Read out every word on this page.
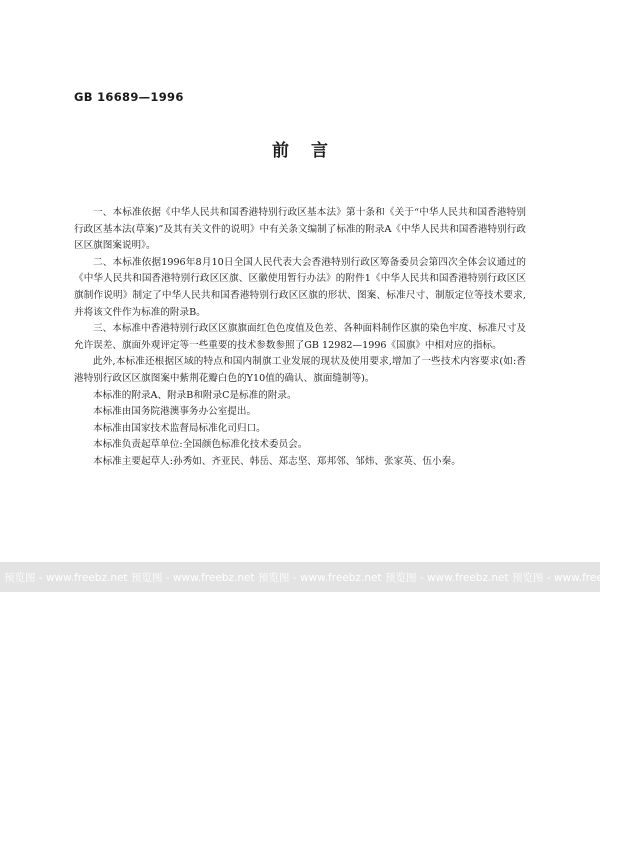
GB 16689—1996
前言

一、本标准依据《中华人民共和国香港特别行政区基本法》第十条和《关于“中华人民共和国香港特别行政区基本法(草案)”及其有关文件的说明》中有关条文编制了标准的附录A《中华人民共和国香港特别行政区区旗图案说明》。

二、本标准依据1996年8月10日全国人民代表大会香港特别行政区筹备委员会第四次全体会议通过的《中华人民共和国香港特别行政区区旗、区徽使用暂行办法》的附件1《中华人民共和国香港特别行政区区旗制作说明》制定了中华人民共和国香港特别行政区区旗的形状、图案、标准尺寸、制版定位等技术要求,并将该文件作为标准的附录B。

三、本标准中香港特别行政区区旗旗面红色色度值及色差、各种面料制作区旗的染色牢度、标准尺寸及允许误差、旗面外观评定等一些重要的技术参数参照了GB 12982—1996《国旗》中相对应的指标。

此外,本标准还根据区域的特点和国内制旗工业发展的现状及使用要求,增加了一些技术内容要求(如:香港特别行政区区旗图案中紫荆花瓣白色的Y10值的确认、旗面缝制等)。

本标准的附录A、附录B和附录C是标准的附录。

本标准由国务院港澳事务办公室提出。

本标准由国家技术监督局标准化司归口。

本标准负责起草单位:全国颜色标准化技术委员会。

本标准主要起草人:孙秀如、齐亚民、韩岳、郑志坚、郑邦邻、邹炜、张家英、伍小秦。

预览图 - www.freebz.net 预览图 - www.freebz.net 预览图 - www.freebz.net 预览图 - www.freebz.net 预览图 - www.freebz.net
